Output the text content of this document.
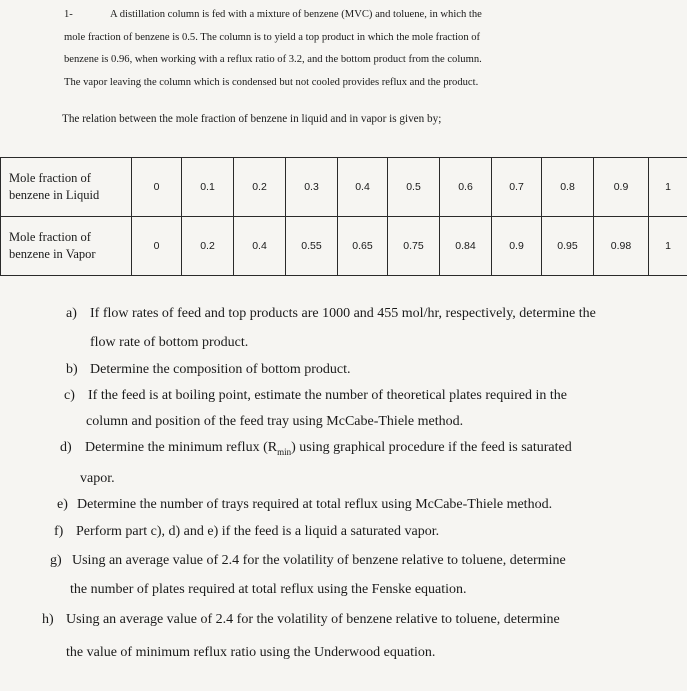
1-	A distillation column is fed with a mixture of benzene (MVC) and toluene, in which the
mole fraction of benzene is 0.5. The column is to yield a top product in which the mole fraction of
benzene is 0.96, when working with a reflux ratio of 3.2, and the bottom product from the column.
The vapor leaving the column which is condensed but not cooled provides reflux and the product.
The relation between the mole fraction of benzene in liquid and in vapor is given by;
Mole fraction of
benzene in Liquid	0	0.1	0.2	0.3	0.4	0.5	0.6	0.7	0.8	0.9	1

Mole fraction of
benzene in Vapor	0	0.2	0.4	0.55	0.65	0.75	0.84	0.9	0.95	0.98	1
a) If flow rates of feed and top products are 1000 and 455 mol/hr, respectively, determine the
flow rate of bottom product.
b) Determine the composition of bottom product.
c) If the feed is at boiling point, estimate the number of theoretical plates required in the
column and position of the feed tray using McCabe-Thiele method.
d) Determine the minimum reflux $(R_{min})$ using graphical procedure if the feed is saturated
vapor.
e) Determine the number of trays required at total reflux using McCabe-Thiele method.
f) Perform part c), d) and e) if the feed is a liquid a saturated vapor.
g) Using an average value of 2.4 for the volatility of benzene relative to toluene, determine
the number of plates required at total reflux using the Fenske equation.
h) Using an average value of 2.4 for the volatility of benzene relative to toluene, determine
the value of minimum reflux ratio using the Underwood equation.
